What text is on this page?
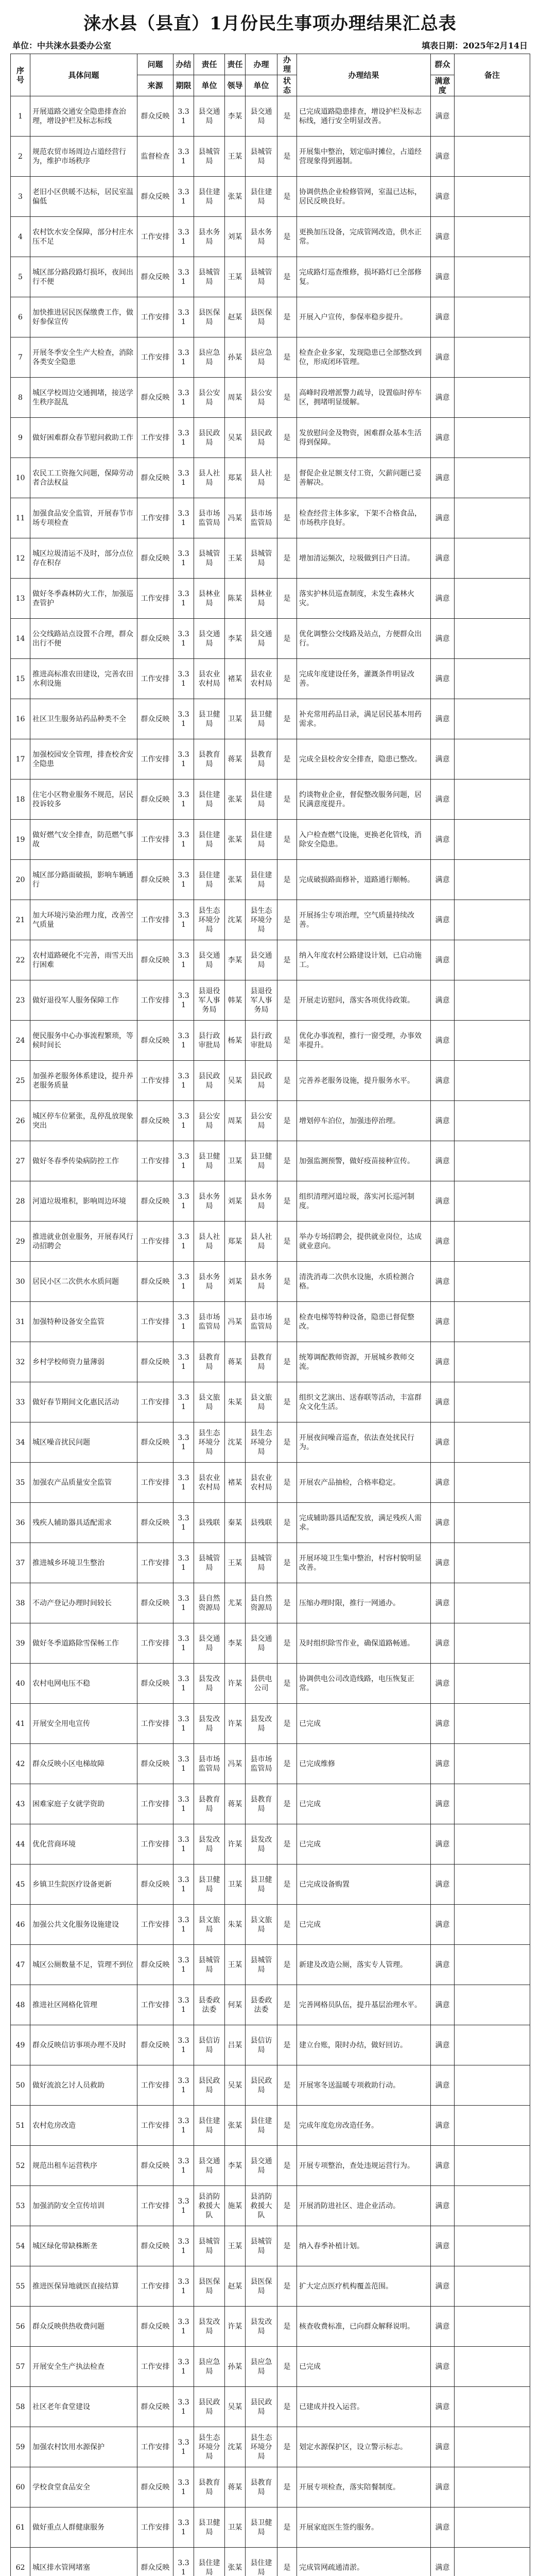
涞水县（县直）1月份民生事项办理结果汇总表
单位：中共涞水县委办公室	填表日期：2025年2月14日
序号	具体问题	问题	办结	责任	责任	办理	办理	办理结果	群众	备注
		来源	期限	单位	领导	单位	状态		满意度	
1	开展道路交通安全隐患排查治理，增设护栏及标志标线	群众反映	3.31	县交通局	李某	县交通局	是	已完成道路隐患排查，增设护栏及标志标线，通行安全明显改善。	满意	
2	规范农贸市场周边占道经营行为，维护市场秩序	监督检查	3.31	县城管局	王某	县城管局	是	开展集中整治，划定临时摊位，占道经营现象得到遏制。	满意	
3	老旧小区供暖不达标，居民室温偏低	群众反映	3.31	县住建局	张某	县住建局	是	协调供热企业检修管网，室温已达标，居民反映良好。	满意	
4	农村饮水安全保障，部分村庄水压不足	工作安排	3.31	县水务局	刘某	县水务局	是	更换加压设备，完成管网改造，供水正常。	满意	
5	城区部分路段路灯损坏，夜间出行不便	群众反映	3.31	县城管局	王某	县城管局	是	完成路灯巡查维修，损坏路灯已全部修复。	满意	
6	加快推进居民医保缴费工作，做好参保宣传	工作安排	3.31	县医保局	赵某	县医保局	是	开展入户宣传，参保率稳步提升。	满意	
7	开展冬季安全生产大检查，消除各类安全隐患	工作安排	3.31	县应急局	孙某	县应急局	是	检查企业多家，发现隐患已全部整改到位，形成闭环管理。	满意	
8	城区学校周边交通拥堵，接送学生秩序混乱	群众反映	3.31	县公安局	周某	县公安局	是	高峰时段增派警力疏导，设置临时停车区，拥堵明显缓解。	满意	
9	做好困难群众春节慰问救助工作	工作安排	3.31	县民政局	吴某	县民政局	是	发放慰问金及物资，困难群众基本生活得到保障。	满意	
10	农民工工资拖欠问题，保障劳动者合法权益	群众反映	3.31	县人社局	郑某	县人社局	是	督促企业足额支付工资，欠薪问题已妥善解决。	满意	
11	加强食品安全监管，开展春节市场专项检查	工作安排	3.31	县市场监管局	冯某	县市场监管局	是	检查经营主体多家，下架不合格食品，市场秩序良好。	满意	
12	城区垃圾清运不及时，部分点位存在积存	群众反映	3.31	县城管局	王某	县城管局	是	增加清运频次，垃圾做到日产日清。	满意	
13	做好冬季森林防火工作，加强巡查管护	工作安排	3.31	县林业局	陈某	县林业局	是	落实护林员巡查制度，未发生森林火灾。	满意	
14	公交线路站点设置不合理，群众出行不便	群众反映	3.31	县交通局	李某	县交通局	是	优化调整公交线路及站点，方便群众出行。	满意	
15	推进高标准农田建设，完善农田水利设施	工作安排	3.31	县农业农村局	褚某	县农业农村局	是	完成年度建设任务，灌溉条件明显改善。	满意	
16	社区卫生服务站药品种类不全	群众反映	3.31	县卫健局	卫某	县卫健局	是	补充常用药品目录，满足居民基本用药需求。	满意	
17	加强校园安全管理，排查校舍安全隐患	工作安排	3.31	县教育局	蒋某	县教育局	是	完成全县校舍安全排查，隐患已整改。	满意	
18	住宅小区物业服务不规范，居民投诉较多	群众反映	3.31	县住建局	张某	县住建局	是	约谈物业企业，督促整改服务问题，居民满意度提升。	满意	
19	做好燃气安全排查，防范燃气事故	工作安排	3.31	县住建局	张某	县住建局	是	入户检查燃气设施，更换老化管线，消除安全隐患。	满意	
20	城区部分路面破损，影响车辆通行	群众反映	3.31	县住建局	张某	县住建局	是	完成破损路面修补，道路通行顺畅。	满意	
21	加大环境污染治理力度，改善空气质量	工作安排	3.31	县生态环境分局	沈某	县生态环境分局	是	开展扬尘专项治理，空气质量持续改善。	满意	
22	农村道路硬化不完善，雨雪天出行困难	群众反映	3.31	县交通局	李某	县交通局	是	纳入年度农村公路建设计划，已启动施工。	满意	
23	做好退役军人服务保障工作	工作安排	3.31	县退役军人事务局	韩某	县退役军人事务局	是	开展走访慰问，落实各项优待政策。	满意	
24	便民服务中心办事流程繁琐，等候时间长	群众反映	3.31	县行政审批局	杨某	县行政审批局	是	优化办事流程，推行一窗受理，办事效率提升。	满意	
25	加强养老服务体系建设，提升养老服务质量	工作安排	3.31	县民政局	吴某	县民政局	是	完善养老服务设施，提升服务水平。	满意	
26	城区停车位紧张，乱停乱放现象突出	群众反映	3.31	县公安局	周某	县公安局	是	增划停车泊位，加强违停治理。	满意	
27	做好冬春季传染病防控工作	工作安排	3.31	县卫健局	卫某	县卫健局	是	加强监测预警，做好疫苗接种宣传。	满意	
28	河道垃圾堆积，影响周边环境	群众反映	3.31	县水务局	刘某	县水务局	是	组织清理河道垃圾，落实河长巡河制度。	满意	
29	推进就业创业服务，开展春风行动招聘会	工作安排	3.31	县人社局	郑某	县人社局	是	举办专场招聘会，提供就业岗位，达成就业意向。	满意	
30	居民小区二次供水水质问题	群众反映	3.31	县水务局	刘某	县水务局	是	清洗消毒二次供水设施，水质检测合格。	满意	
31	加强特种设备安全监管	工作安排	3.31	县市场监管局	冯某	县市场监管局	是	检查电梯等特种设备，隐患已督促整改。	满意	
32	乡村学校师资力量薄弱	群众反映	3.31	县教育局	蒋某	县教育局	是	统筹调配教师资源，开展城乡教师交流。	满意	
33	做好春节期间文化惠民活动	工作安排	3.31	县文旅局	朱某	县文旅局	是	组织文艺演出、送春联等活动，丰富群众文化生活。	满意	
34	城区噪音扰民问题	群众反映	3.31	县生态环境分局	沈某	县生态环境分局	是	开展夜间噪音巡查，依法查处扰民行为。	满意	
35	加强农产品质量安全监管	工作安排	3.31	县农业农村局	褚某	县农业农村局	是	开展农产品抽检，合格率稳定。	满意	
36	残疾人辅助器具适配需求	群众反映	3.31	县残联	秦某	县残联	是	完成辅助器具适配发放，满足残疾人需求。	满意	
37	推进城乡环境卫生整治	工作安排	3.31	县城管局	王某	县城管局	是	开展环境卫生集中整治，村容村貌明显改善。	满意	
38	不动产登记办理时间较长	群众反映	3.31	县自然资源局	尤某	县自然资源局	是	压缩办理时限，推行一网通办。	满意	
39	做好冬季道路除雪保畅工作	工作安排	3.31	县交通局	李某	县交通局	是	及时组织除雪作业，确保道路畅通。	满意	
40	农村电网电压不稳	群众反映	3.31	县发改局	许某	县供电公司	是	协调供电公司改造线路，电压恢复正常。	满意	
41	开展安全用电宣传	工作安排	3.31	县发改局	许某	县发改局	是	已完成	满意	
42	群众反映小区电梯故障	群众反映	3.31	县市场监管局	冯某	县市场监管局	是	已完成维修	满意	
43	困难家庭子女就学资助	工作安排	3.31	县教育局	蒋某	县教育局	是	已完成	满意	
44	优化营商环境	工作安排	3.31	县发改局	许某	县发改局	是	已完成	满意	
45	乡镇卫生院医疗设备更新	群众反映	3.31	县卫健局	卫某	县卫健局	是	已完成设备购置	满意	
46	加强公共文化服务设施建设	工作安排	3.31	县文旅局	朱某	县文旅局	是	已完成	满意	
47	城区公厕数量不足，管理不到位	群众反映	3.31	县城管局	王某	县城管局	是	新建及改造公厕，落实专人管理。	满意	
48	推进社区网格化管理	工作安排	3.31	县委政法委	何某	县委政法委	是	完善网格员队伍，提升基层治理水平。	满意	
49	群众反映信访事项办理不及时	群众反映	3.31	县信访局	吕某	县信访局	是	建立台账，限时办结，做好回访。	满意	
50	做好流浪乞讨人员救助	工作安排	3.31	县民政局	吴某	县民政局	是	开展寒冬送温暖专项救助行动。	满意	
51	农村危房改造	工作安排	3.31	县住建局	张某	县住建局	是	完成年度危房改造任务。	满意	
52	规范出租车运营秩序	群众反映	3.31	县交通局	李某	县交通局	是	开展专项整治，查处违规运营行为。	满意	
53	加强消防安全宣传培训	工作安排	3.31	县消防救援大队	施某	县消防救援大队	是	开展消防进社区、进企业活动。	满意	
54	城区绿化带缺株断垄	群众反映	3.31	县城管局	王某	县城管局	是	纳入春季补植计划。	满意	
55	推进医保异地就医直接结算	工作安排	3.31	县医保局	赵某	县医保局	是	扩大定点医疗机构覆盖范围。	满意	
56	群众反映供热收费问题	群众反映	3.31	县发改局	许某	县发改局	是	核查收费标准，已向群众解释说明。	满意	
57	开展安全生产执法检查	工作安排	3.31	县应急局	孙某	县应急局	是	已完成	满意	
58	社区老年食堂建设	群众反映	3.31	县民政局	吴某	县民政局	是	已建成并投入运营。	满意	
59	加强农村饮用水源保护	工作安排	3.31	县生态环境分局	沈某	县生态环境分局	是	划定水源保护区，设立警示标志。	满意	
60	学校食堂食品安全	群众反映	3.31	县教育局	蒋某	县教育局	是	开展专项检查，落实陪餐制度。	满意	
61	做好重点人群健康服务	工作安排	3.31	县卫健局	卫某	县卫健局	是	开展家庭医生签约服务。	满意	
62	城区排水管网堵塞	群众反映	3.31	县住建局	张某	县住建局	是	完成管网疏通清淤。	满意	
